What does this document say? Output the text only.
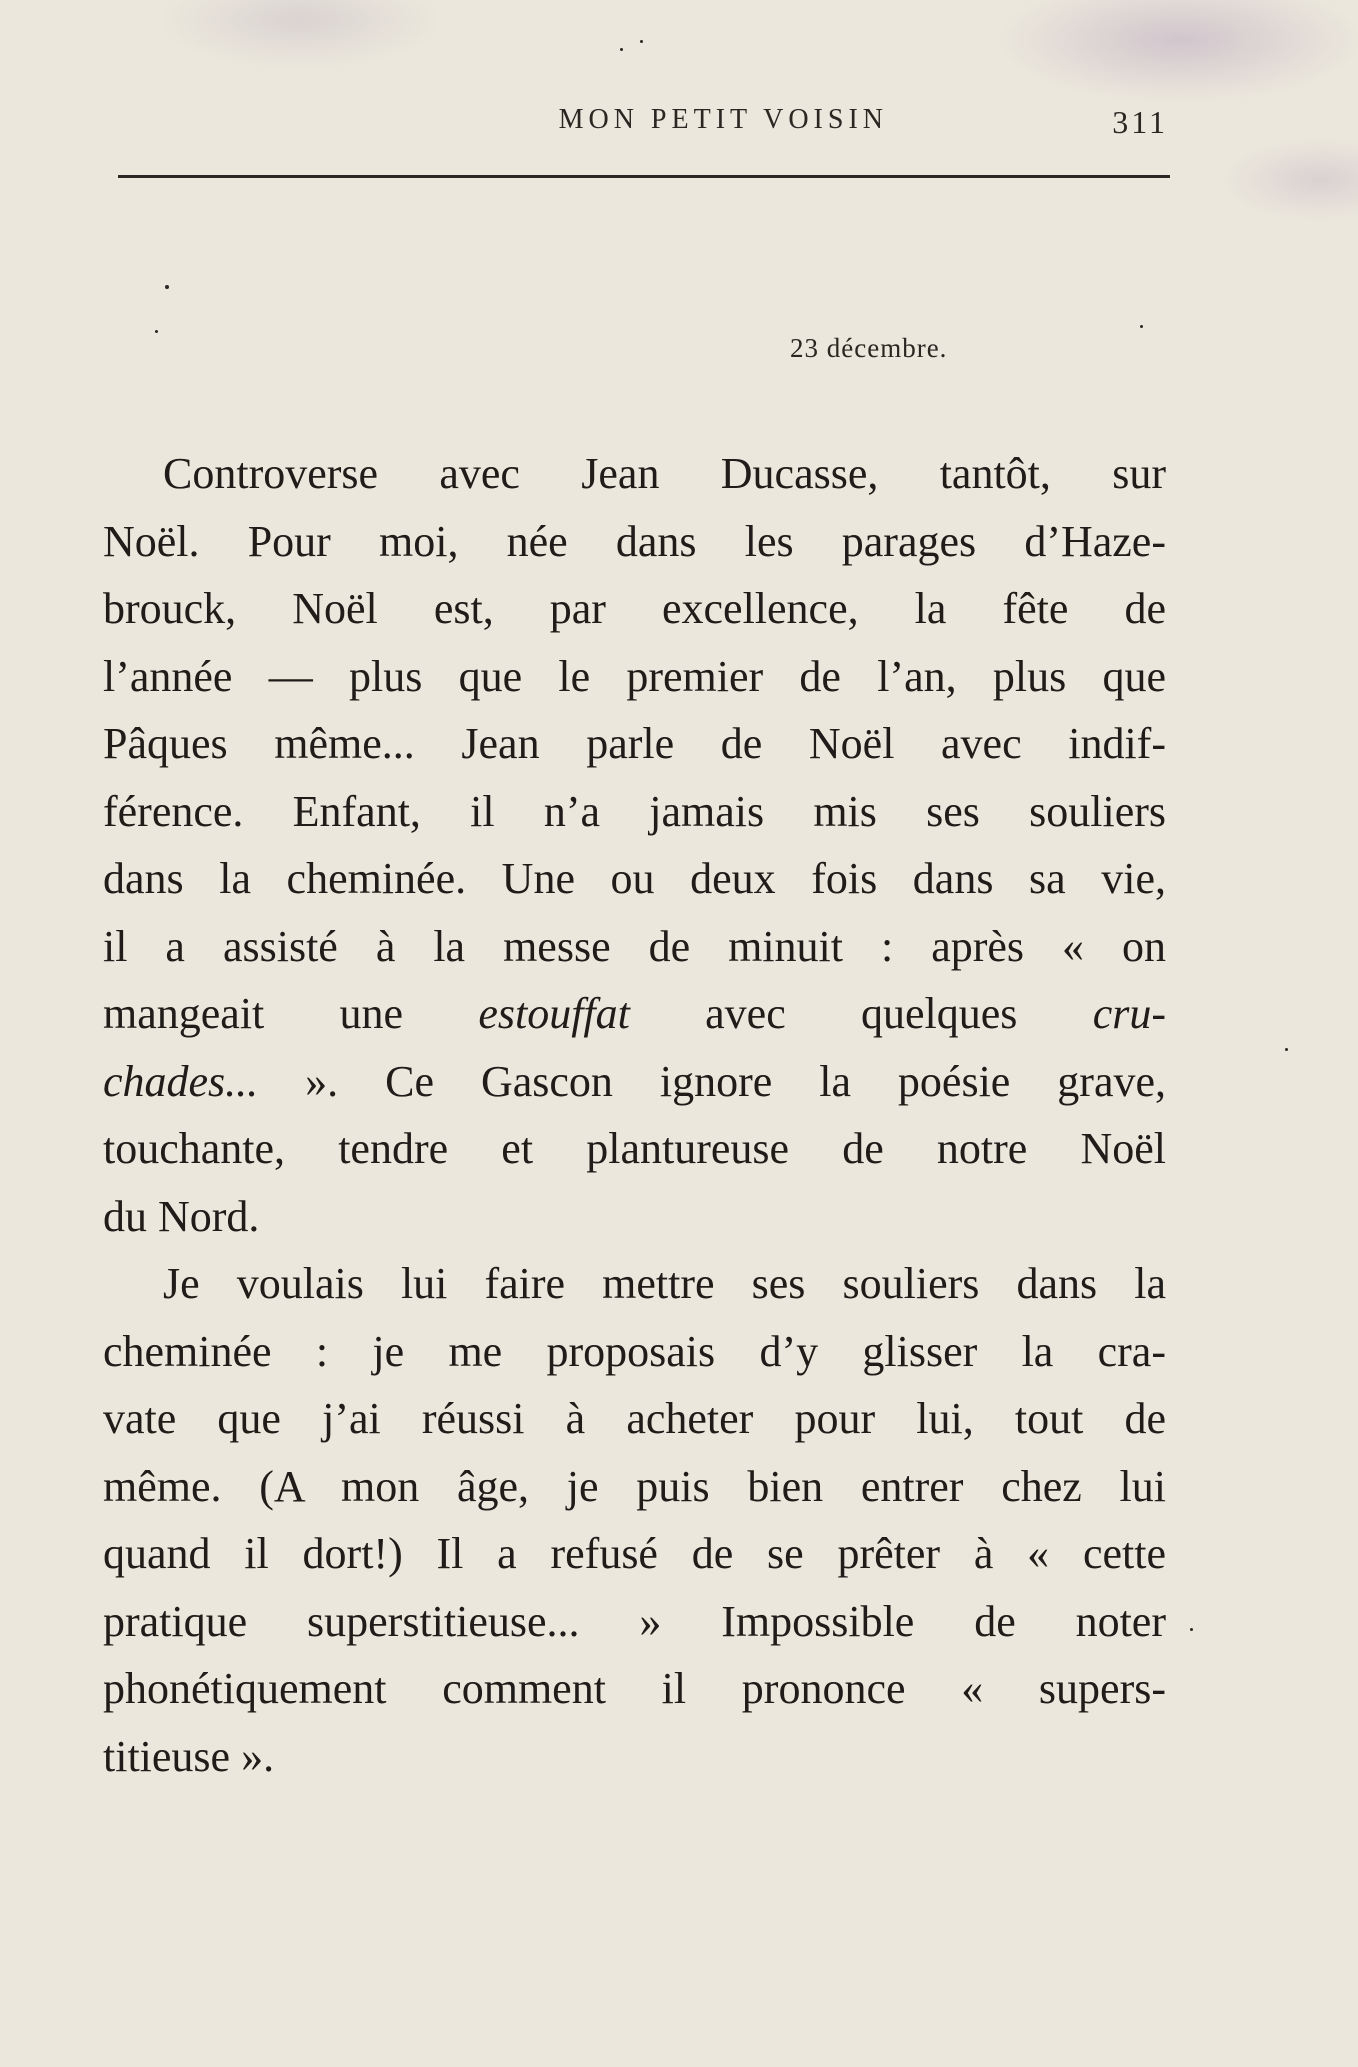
MON PETIT VOISIN	311
23 décembre.
Controverse avec Jean Ducasse, tantôt, sur
Noël. Pour moi, née dans les parages d’Haze-
brouck, Noël est, par excellence, la fête de
l’année — plus que le premier de l’an, plus que
Pâques même... Jean parle de Noël avec indif-
férence. Enfant, il n’a jamais mis ses souliers
dans la cheminée. Une ou deux fois dans sa vie,
il a assisté à la messe de minuit : après « on
mangeait une estouffat avec quelques cru-
chades... ». Ce Gascon ignore la poésie grave,
touchante, tendre et plantureuse de notre Noël
du Nord.
Je voulais lui faire mettre ses souliers dans la
cheminée : je me proposais d’y glisser la cra-
vate que j’ai réussi à acheter pour lui, tout de
même. (A mon âge, je puis bien entrer chez lui
quand il dort!) Il a refusé de se prêter à « cette
pratique superstitieuse... » Impossible de noter
phonétiquement comment il prononce « supers-
titieuse ».
